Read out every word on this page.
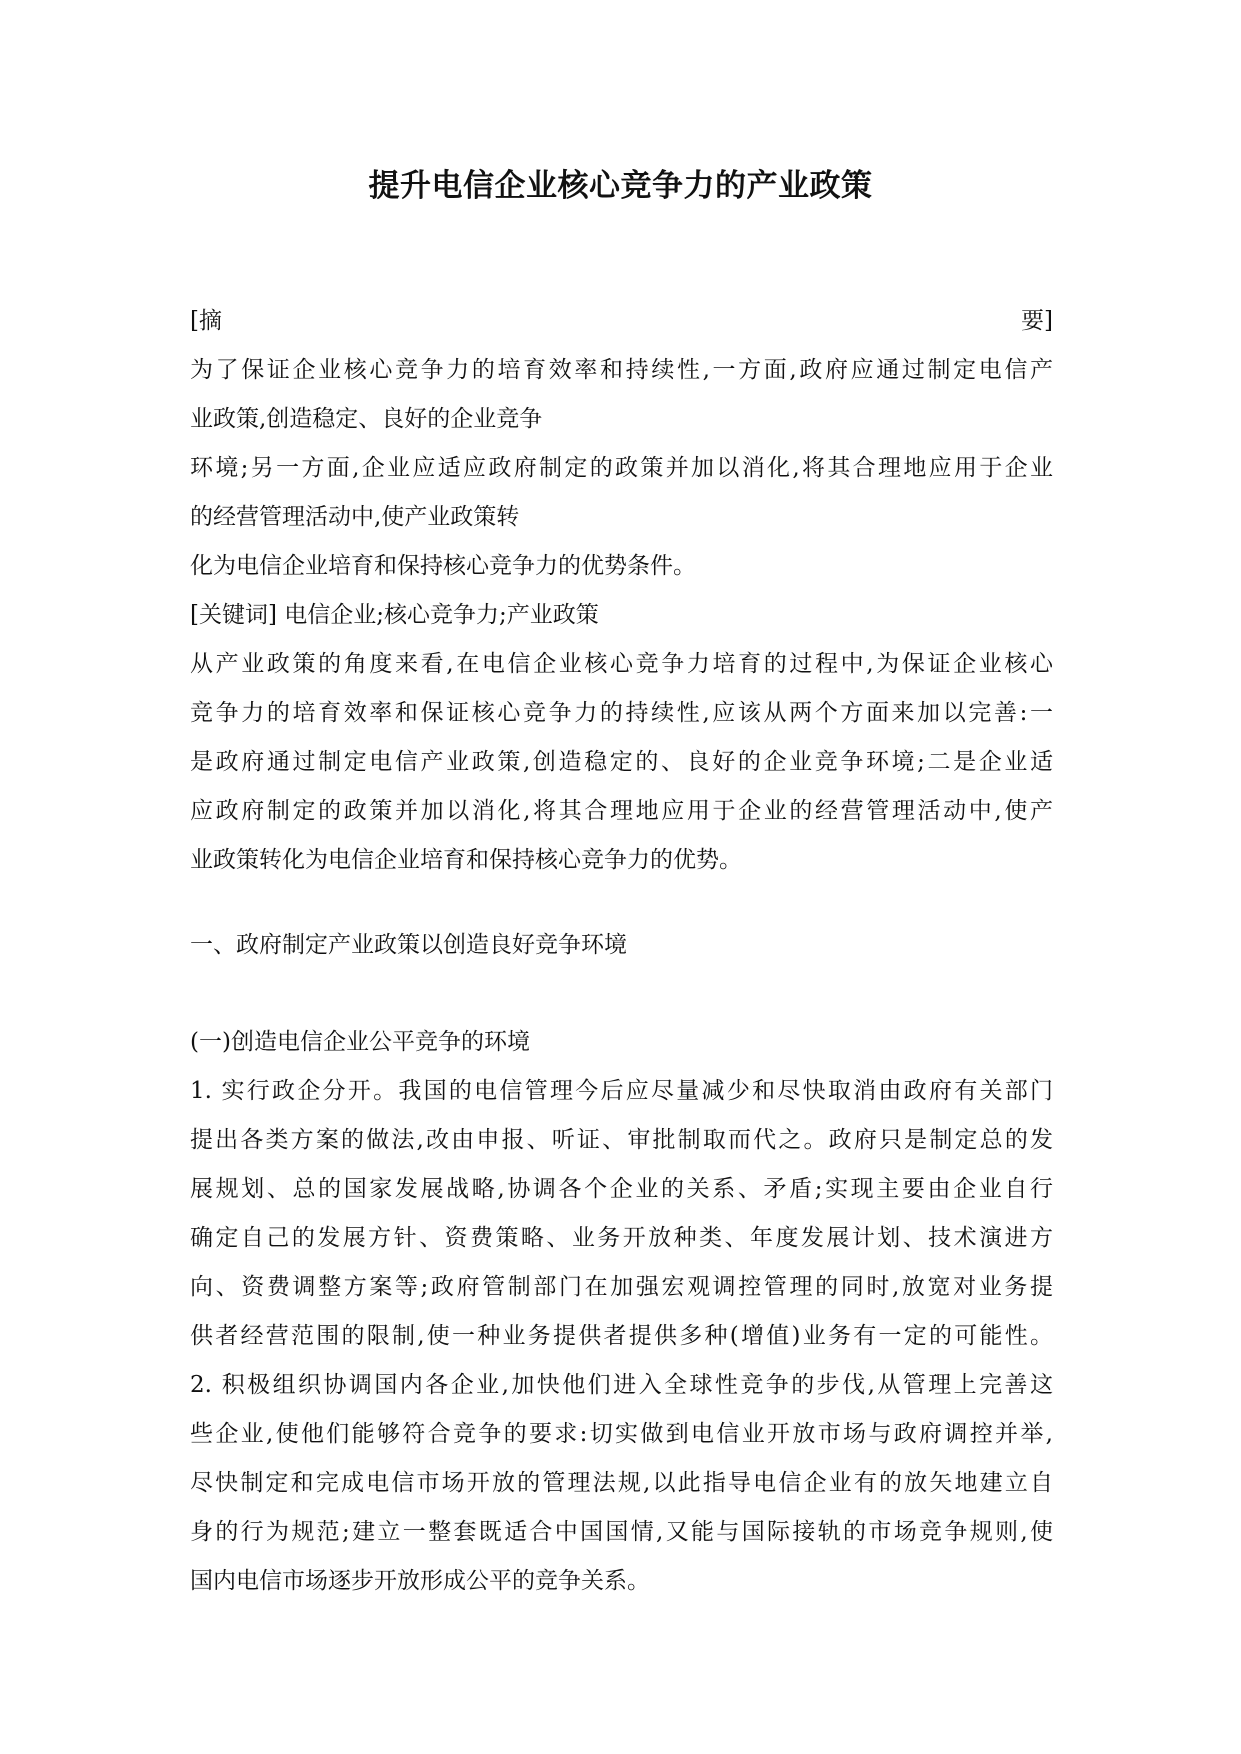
提升电信企业核心竞争力的产业政策
[摘	要]
为了保证企业核心竞争力的培育效率和持续性,一方面,政府应通过制定电信产
业政策,创造稳定、良好的企业竞争
环境;另一方面,企业应适应政府制定的政策并加以消化,将其合理地应用于企业
的经营管理活动中,使产业政策转
化为电信企业培育和保持核心竞争力的优势条件。
[关键词] 电信企业;核心竞争力;产业政策
从产业政策的角度来看,在电信企业核心竞争力培育的过程中,为保证企业核心
竞争力的培育效率和保证核心竞争力的持续性,应该从两个方面来加以完善:一
是政府通过制定电信产业政策,创造稳定的、良好的企业竞争环境;二是企业适
应政府制定的政策并加以消化,将其合理地应用于企业的经营管理活动中,使产
业政策转化为电信企业培育和保持核心竞争力的优势。
一、政府制定产业政策以创造良好竞争环境
(一)创造电信企业公平竞争的环境
1. 实行政企分开。我国的电信管理今后应尽量减少和尽快取消由政府有关部门
提出各类方案的做法,改由申报、听证、审批制取而代之。政府只是制定总的发
展规划、总的国家发展战略,协调各个企业的关系、矛盾;实现主要由企业自行
确定自己的发展方针、资费策略、业务开放种类、年度发展计划、技术演进方
向、资费调整方案等;政府管制部门在加强宏观调控管理的同时,放宽对业务提
供者经营范围的限制,使一种业务提供者提供多种(增值)业务有一定的可能性。
2. 积极组织协调国内各企业,加快他们进入全球性竞争的步伐,从管理上完善这
些企业,使他们能够符合竞争的要求:切实做到电信业开放市场与政府调控并举,
尽快制定和完成电信市场开放的管理法规,以此指导电信企业有的放矢地建立自
身的行为规范;建立一整套既适合中国国情,又能与国际接轨的市场竞争规则,使
国内电信市场逐步开放形成公平的竞争关系。
